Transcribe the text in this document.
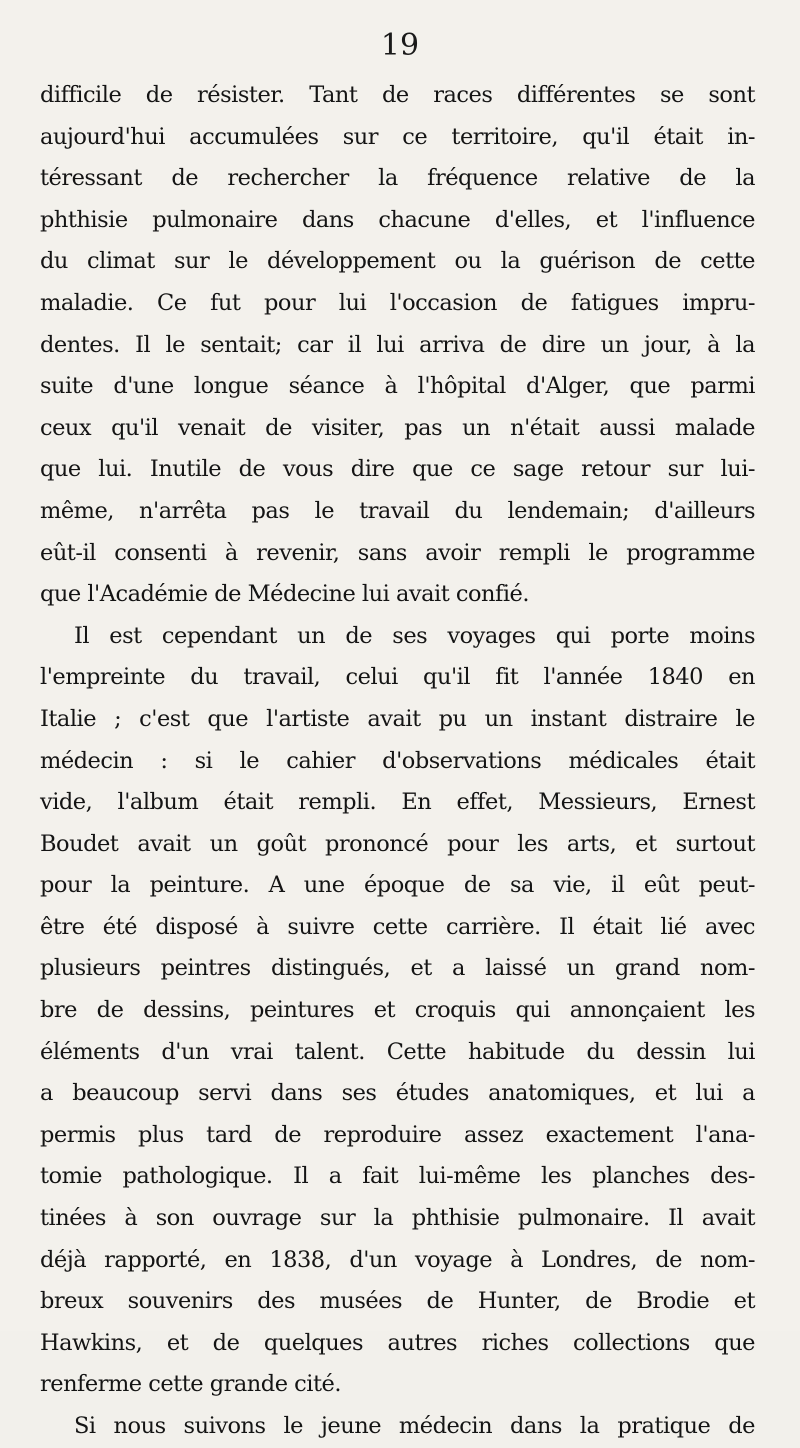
19
difficile de résister. Tant de races différentes se sont
aujourd'hui accumulées sur ce territoire, qu'il était in-
téressant de rechercher la fréquence relative de la
phthisie pulmonaire dans chacune d'elles, et l'influence
du climat sur le développement ou la guérison de cette
maladie. Ce fut pour lui l'occasion de fatigues impru-
dentes. Il le sentait; car il lui arriva de dire un jour, à la
suite d'une longue séance à l'hôpital d'Alger, que parmi
ceux qu'il venait de visiter, pas un n'était aussi malade
que lui. Inutile de vous dire que ce sage retour sur lui-
même, n'arrêta pas le travail du lendemain; d'ailleurs
eût-il consenti à revenir, sans avoir rempli le programme
que l'Académie de Médecine lui avait confié.
Il est cependant un de ses voyages qui porte moins
l'empreinte du travail, celui qu'il fit l'année 1840 en
Italie ; c'est que l'artiste avait pu un instant distraire le
médecin : si le cahier d'observations médicales était
vide, l'album était rempli. En effet, Messieurs, Ernest
Boudet avait un goût prononcé pour les arts, et surtout
pour la peinture. A une époque de sa vie, il eût peut-
être été disposé à suivre cette carrière. Il était lié avec
plusieurs peintres distingués, et a laissé un grand nom-
bre de dessins, peintures et croquis qui annonçaient les
éléments d'un vrai talent. Cette habitude du dessin lui
a beaucoup servi dans ses études anatomiques, et lui a
permis plus tard de reproduire assez exactement l'ana-
tomie pathologique. Il a fait lui-même les planches des-
tinées à son ouvrage sur la phthisie pulmonaire. Il avait
déjà rapporté, en 1838, d'un voyage à Londres, de nom-
breux souvenirs des musées de Hunter, de Brodie et
Hawkins, et de quelques autres riches collections que
renferme cette grande cité.
Si nous suivons le jeune médecin dans la pratique de
